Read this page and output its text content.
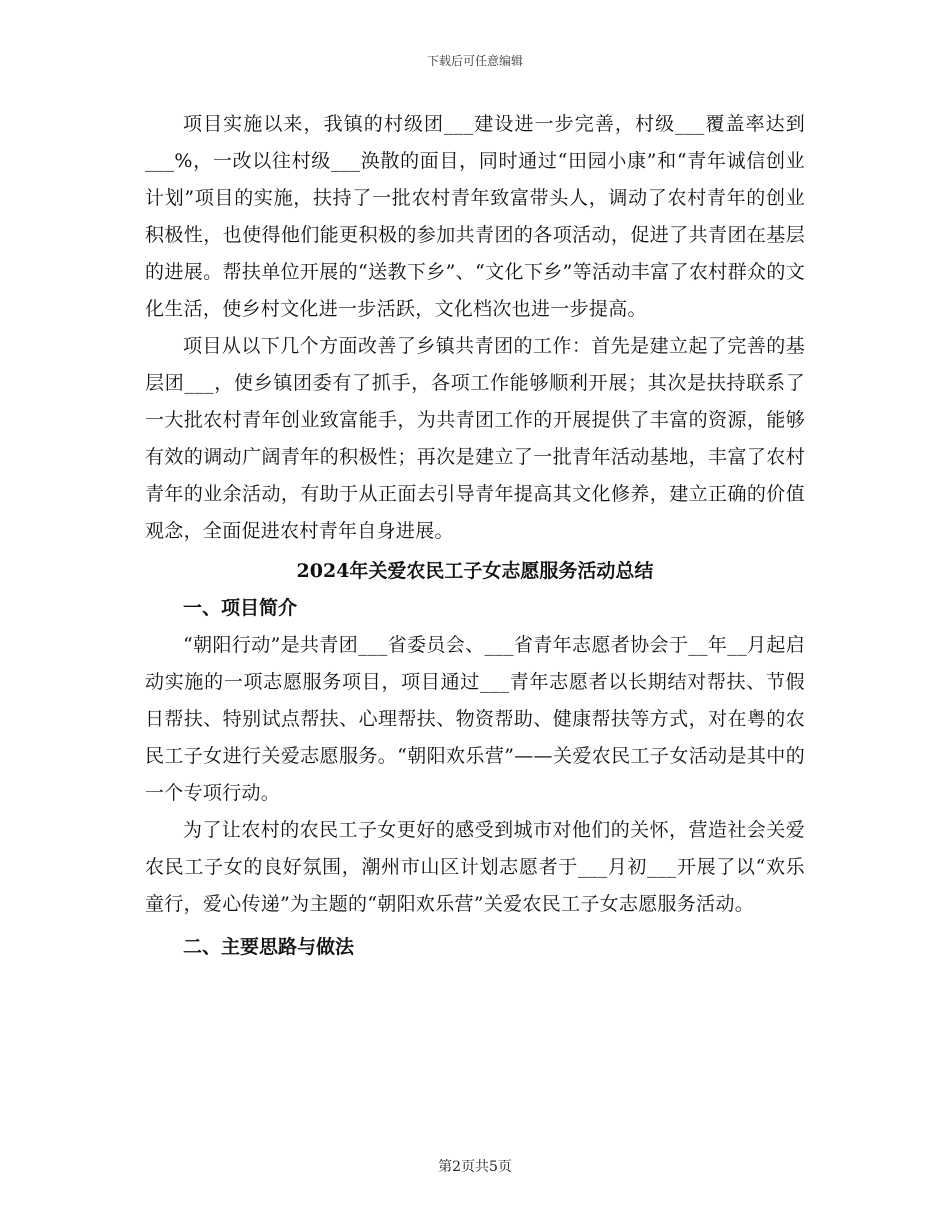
下载后可任意编辑

项目实施以来，我镇的村级团___建设进一步完善，村级___覆盖率达到___%，一改以往村级___涣散的面目，同时通过“田园小康”和“青年诚信创业计划”项目的实施，扶持了一批农村青年致富带头人，调动了农村青年的创业积极性，也使得他们能更积极的参加共青团的各项活动，促进了共青团在基层的进展。帮扶单位开展的“送教下乡”、“文化下乡”等活动丰富了农村群众的文化生活，使乡村文化进一步活跃，文化档次也进一步提高。

项目从以下几个方面改善了乡镇共青团的工作：首先是建立起了完善的基层团___，使乡镇团委有了抓手，各项工作能够顺利开展；其次是扶持联系了一大批农村青年创业致富能手，为共青团工作的开展提供了丰富的资源，能够有效的调动广阔青年的积极性；再次是建立了一批青年活动基地，丰富了农村青年的业余活动，有助于从正面去引导青年提高其文化修养，建立正确的价值观念，全面促进农村青年自身进展。

2024年关爱农民工子女志愿服务活动总结
一、项目简介

“朝阳行动”是共青团___省委员会、___省青年志愿者协会于__年__月起启动实施的一项志愿服务项目，项目通过___青年志愿者以长期结对帮扶、节假日帮扶、特别试点帮扶、心理帮扶、物资帮助、健康帮扶等方式，对在粤的农民工子女进行关爱志愿服务。“朝阳欢乐营”——关爱农民工子女活动是其中的一个专项行动。

为了让农村的农民工子女更好的感受到城市对他们的关怀，营造社会关爱农民工子女的良好氛围，潮州市山区计划志愿者于___月初___开展了以“欢乐童行，爱心传递”为主题的“朝阳欢乐营”关爱农民工子女志愿服务活动。

二、主要思路与做法
第2页共5页
